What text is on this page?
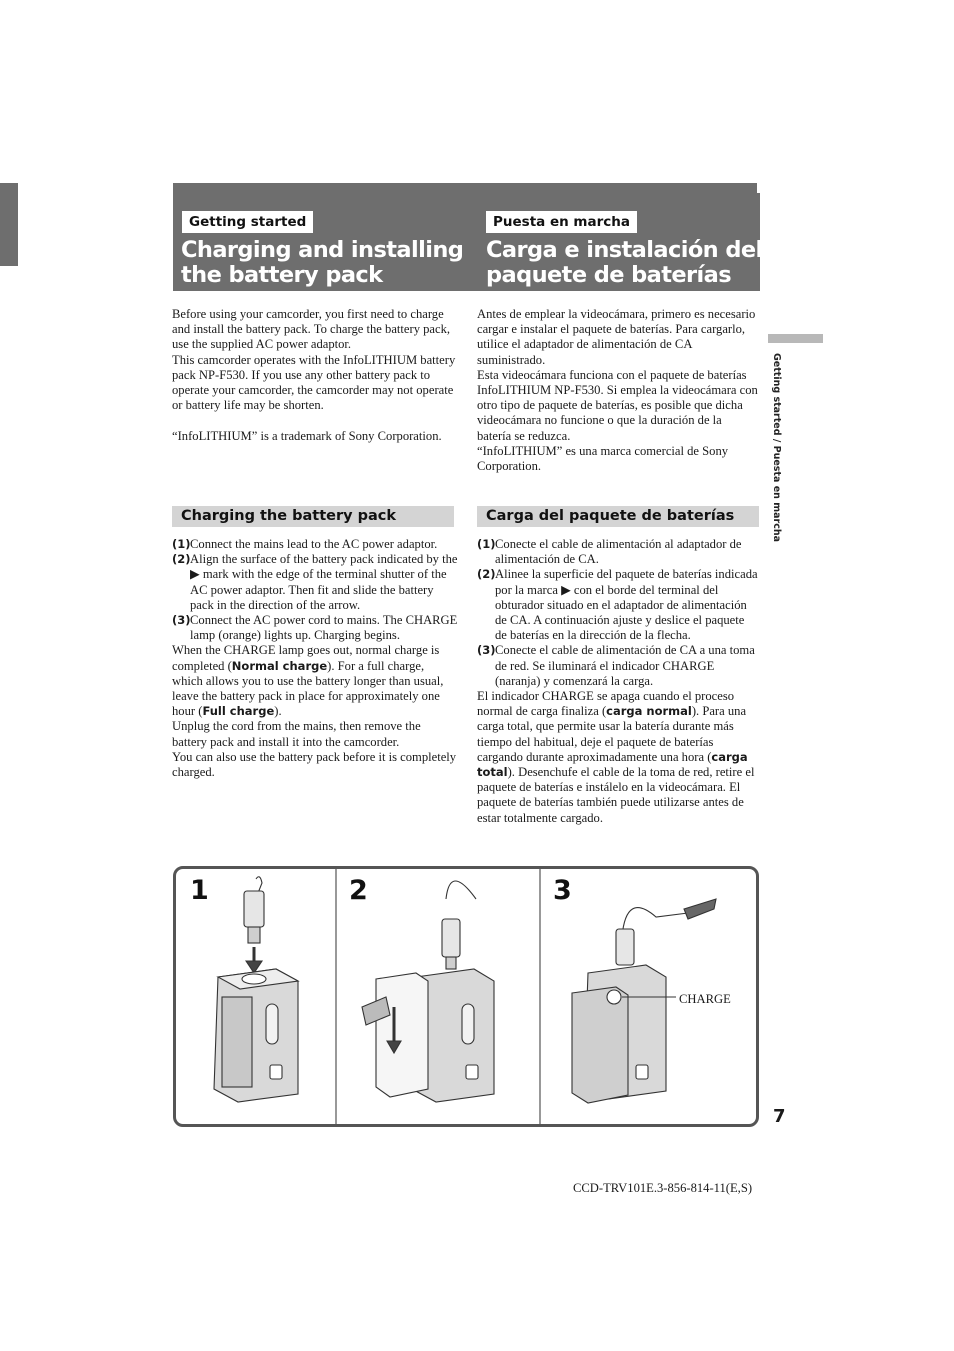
Getting started
Charging and installing
the battery pack
Puesta en marcha
Carga e instalación del
paquete de baterías

Before using your camcorder, you first need to charge and install the battery pack. To charge the battery pack, use the supplied AC power adaptor.

This camcorder operates with the InfoLITHIUM battery pack NP-F530. If you use any other battery pack to operate your camcorder, the camcorder may not operate or battery life may be shorten.

“InfoLITHIUM” is a trademark of Sony Corporation.

Antes de emplear la videocámara, primero es necesario cargar e instalar el paquete de baterías. Para cargarlo, utilice el adaptador de alimentación de CA suministrado.

Esta videocámara funciona con el paquete de baterías InfoLITHIUM NP-F530. Si emplea la videocámara con otro tipo de paquete de baterías, es posible que dicha videocámara no funcione o que la duración de la batería se reduzca.

“InfoLITHIUM” es una marca comercial de Sony Corporation.

Charging the battery pack	Carga del paquete de baterías
(1) Connect the mains lead to the AC power adaptor.
(2) Align the surface of the battery pack indicated by the ▶ mark with the edge of the terminal shutter of the AC power adaptor. Then fit and slide the battery pack in the direction of the arrow.
(3) Connect the AC power cord to mains. The CHARGE lamp (orange) lights up. Charging begins.
When the CHARGE lamp goes out, normal charge is completed (Normal charge). For a full charge, which allows you to use the battery longer than usual, leave the battery pack in place for approximately one hour (Full charge).
Unplug the cord from the mains, then remove the battery pack and install it into the camcorder.
You can also use the battery pack before it is completely charged.
(1) Conecte el cable de alimentación al adaptador de alimentación de CA.
(2) Alinee la superficie del paquete de baterías indicada por la marca ▶ con el borde del terminal del obturador situado en el adaptador de alimentación de CA. A continuación ajuste y deslice el paquete de baterías en la dirección de la flecha.
(3) Conecte el cable de alimentación de CA a una toma de red. Se iluminará el indicador CHARGE (naranja) y comenzará la carga.
El indicador CHARGE se apaga cuando el proceso normal de carga finaliza (carga normal). Para una carga total, que permite usar la batería durante más tiempo del habitual, deje el paquete de baterías cargando durante aproximadamente una hora (carga total). Desenchufe el cable de la toma de red, retire el paquete de baterías e instálelo en la videocámara. El paquete de baterías también puede utilizarse antes de estar totalmente cargado.
Getting started / Puesta en marcha
1	2	3
CHARGE
7
CCD-TRV101E.3-856-814-11(E,S)
